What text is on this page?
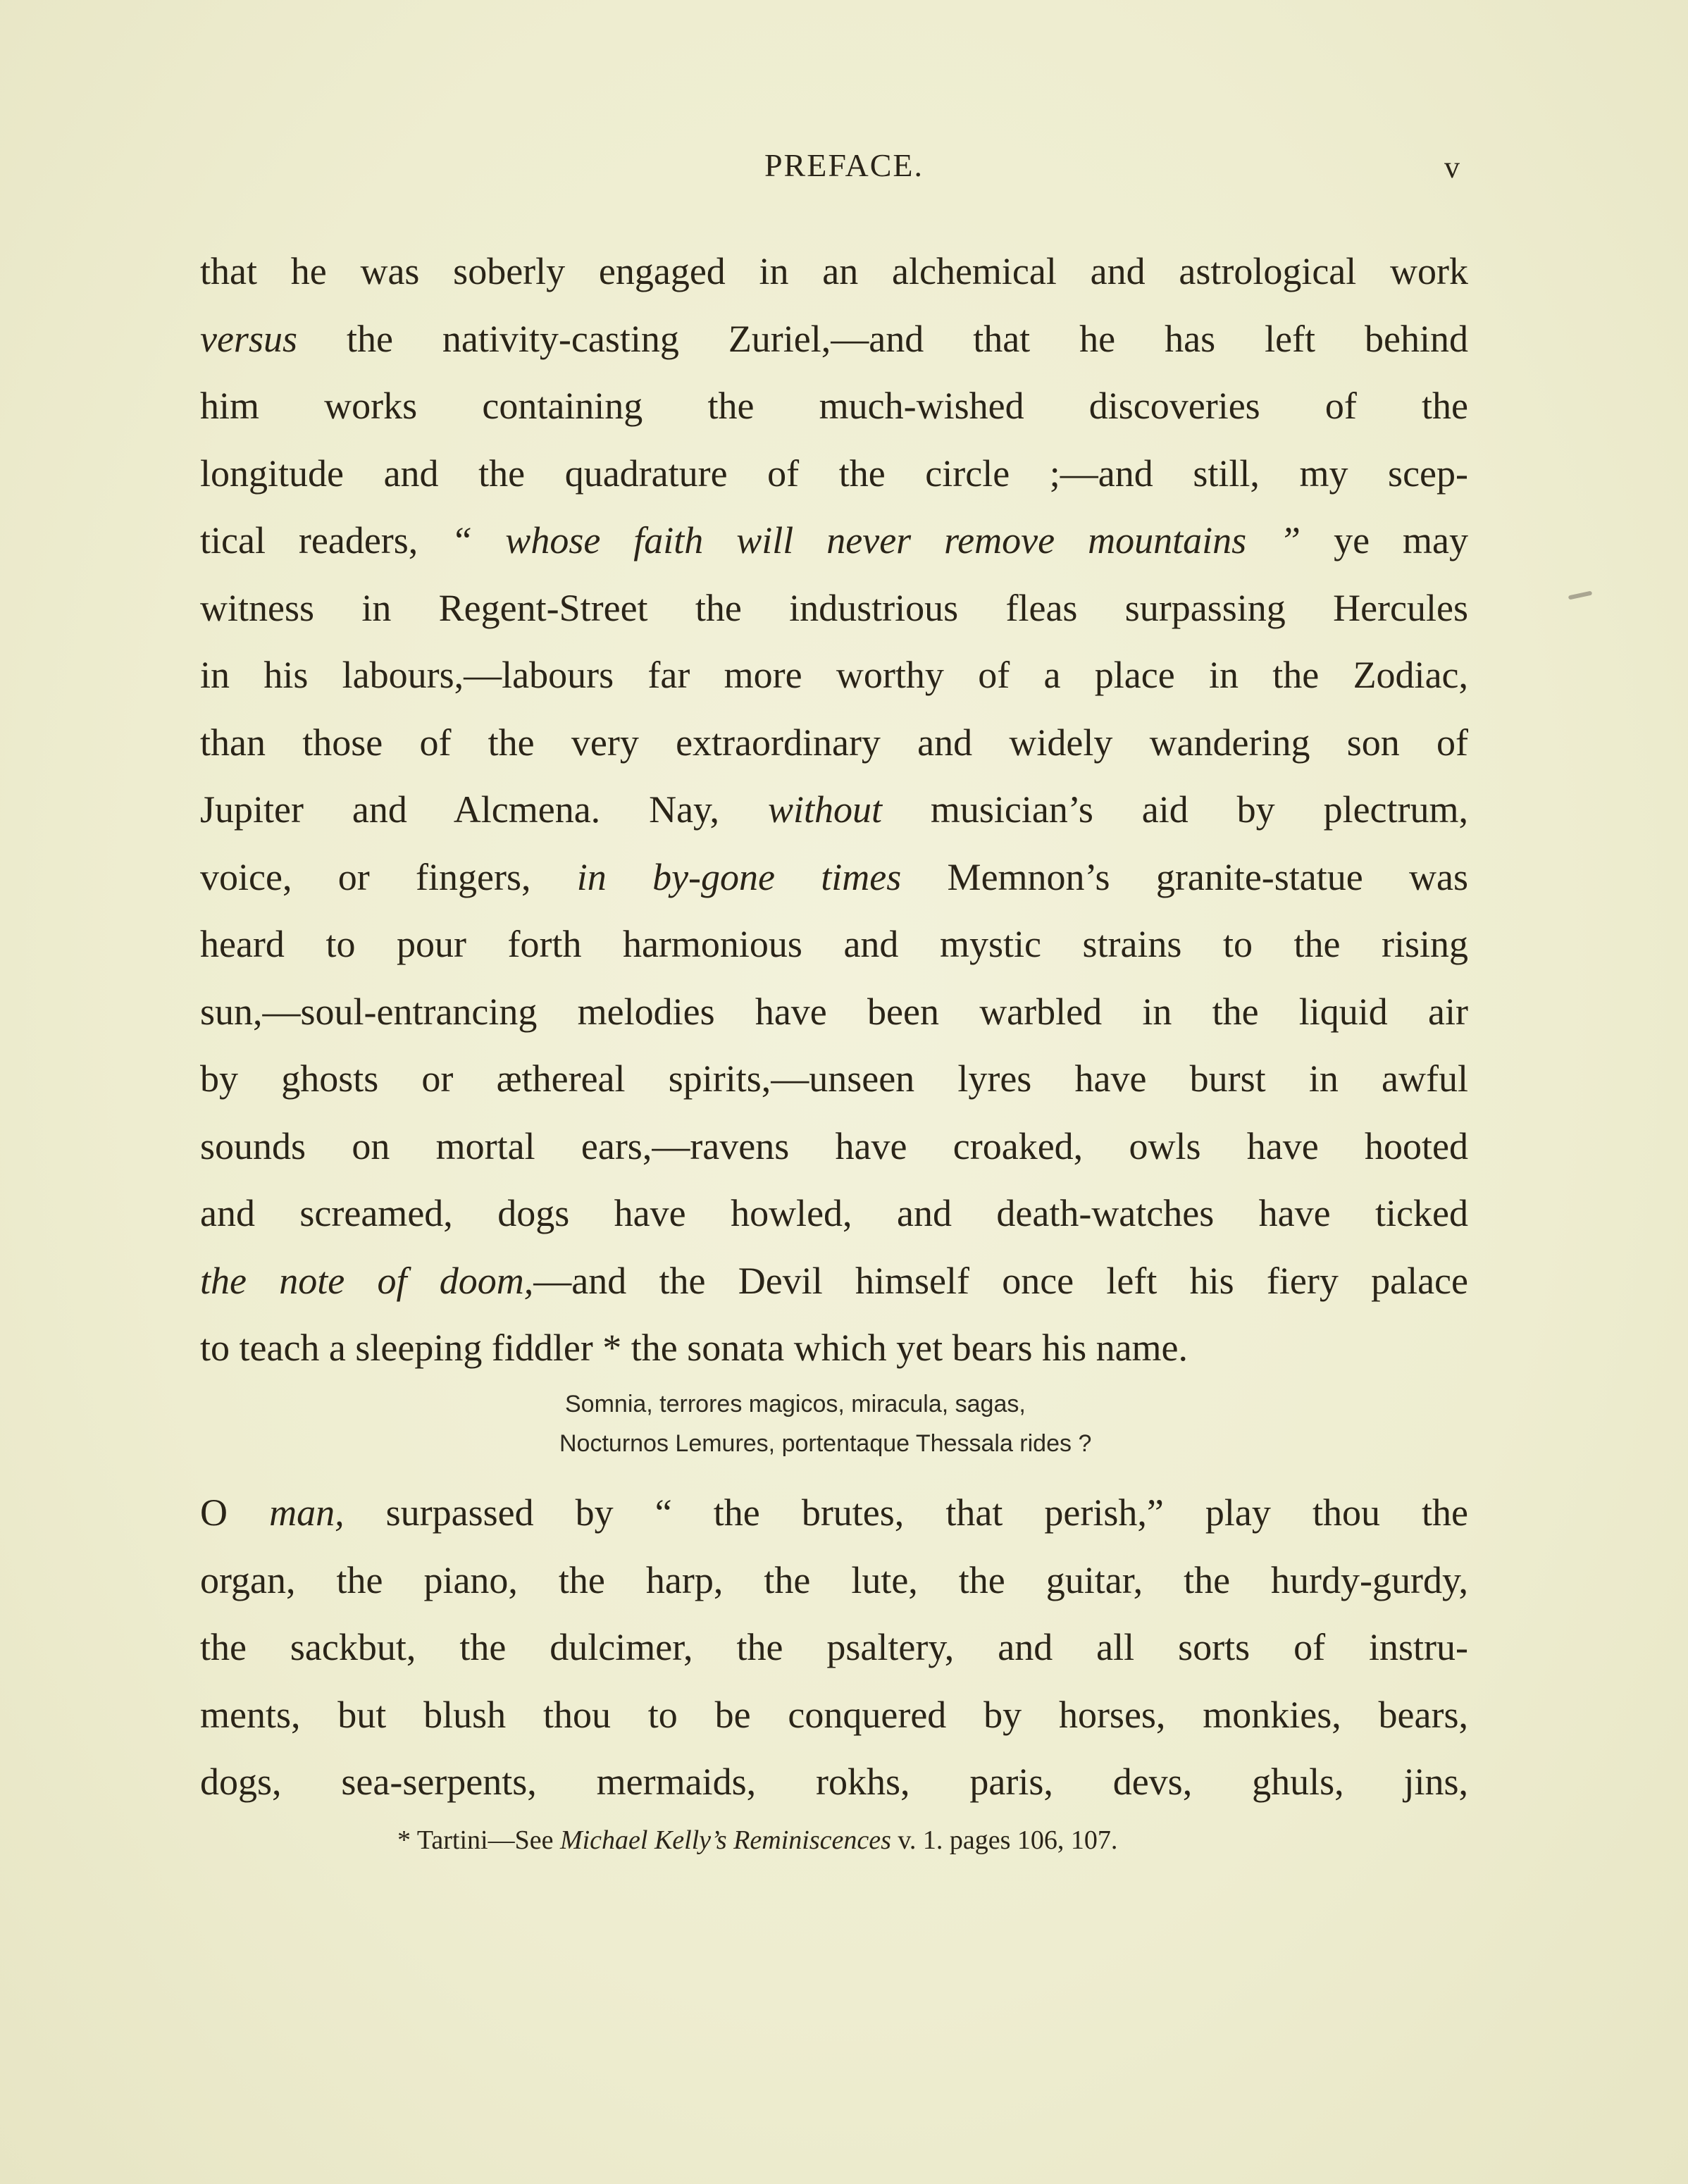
PREFACE.	v
that he was soberly engaged in an alchemical and astrological work
versus the nativity-casting Zuriel,—and that he has left behind
him works containing the much-wished discoveries of the
longitude and the quadrature of the circle ;—and still, my scep-
tical readers, “ whose faith will never remove mountains ” ye may
witness in Regent-Street the industrious fleas surpassing Hercules
in his labours,—labours far more worthy of a place in the Zodiac,
than those of the very extraordinary and widely wandering son of
Jupiter and Alcmena. Nay, without musician’s aid by plectrum,
voice, or fingers, in by-gone times Memnon’s granite-statue was
heard to pour forth harmonious and mystic strains to the rising
sun,—soul-entrancing melodies have been warbled in the liquid air
by ghosts or æthereal spirits,—unseen lyres have burst in awful
sounds on mortal ears,—ravens have croaked, owls have hooted
and screamed, dogs have howled, and death-watches have ticked
the note of doom,—and the Devil himself once left his fiery palace
to teach a sleeping fiddler * the sonata which yet bears his name.
Somnia, terrores magicos, miracula, sagas,
Nocturnos Lemures, portentaque Thessala rides ?
O man, surpassed by “ the brutes, that perish,” play thou the
organ, the piano, the harp, the lute, the guitar, the hurdy-gurdy,
the sackbut, the dulcimer, the psaltery, and all sorts of instru-
ments, but blush thou to be conquered by horses, monkies, bears,
dogs, sea-serpents, mermaids, rokhs, paris, devs, ghuls, jins,
* Tartini—See Michael Kelly’s Reminiscences v. 1. pages 106, 107.
